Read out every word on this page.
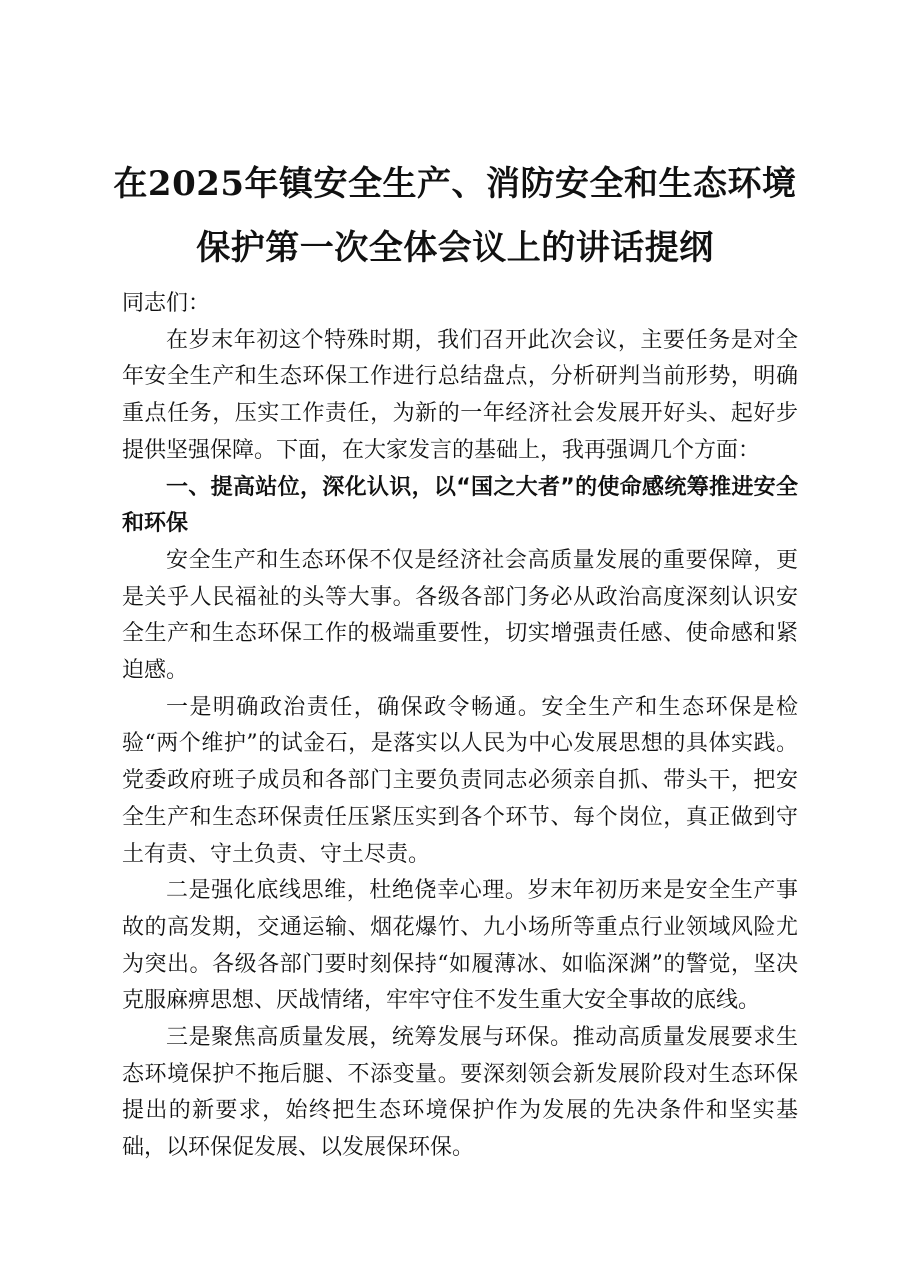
在2025年镇安全生产、消防安全和生态环境
保护第一次全体会议上的讲话提纲

同志们：

在岁末年初这个特殊时期，我们召开此次会议，主要任务是对全年安全生产和生态环保工作进行总结盘点，分析研判当前形势，明确重点任务，压实工作责任，为新的一年经济社会发展开好头、起好步提供坚强保障。下面，在大家发言的基础上，我再强调几个方面：

一、提高站位，深化认识，以“国之大者”的使命感统筹推进安全和环保

安全生产和生态环保不仅是经济社会高质量发展的重要保障，更是关乎人民福祉的头等大事。各级各部门务必从政治高度深刻认识安全生产和生态环保工作的极端重要性，切实增强责任感、使命感和紧迫感。

一是明确政治责任，确保政令畅通。安全生产和生态环保是检验“两个维护”的试金石，是落实以人民为中心发展思想的具体实践。党委政府班子成员和各部门主要负责同志必须亲自抓、带头干，把安全生产和生态环保责任压紧压实到各个环节、每个岗位，真正做到守土有责、守土负责、守土尽责。

二是强化底线思维，杜绝侥幸心理。岁末年初历来是安全生产事故的高发期，交通运输、烟花爆竹、九小场所等重点行业领域风险尤为突出。各级各部门要时刻保持“如履薄冰、如临深渊”的警觉，坚决克服麻痹思想、厌战情绪，牢牢守住不发生重大安全事故的底线。

三是聚焦高质量发展，统筹发展与环保。推动高质量发展要求生态环境保护不拖后腿、不添变量。要深刻领会新发展阶段对生态环保提出的新要求，始终把生态环境保护作为发展的先决条件和坚实基础，以环保促发展、以发展保环保。
